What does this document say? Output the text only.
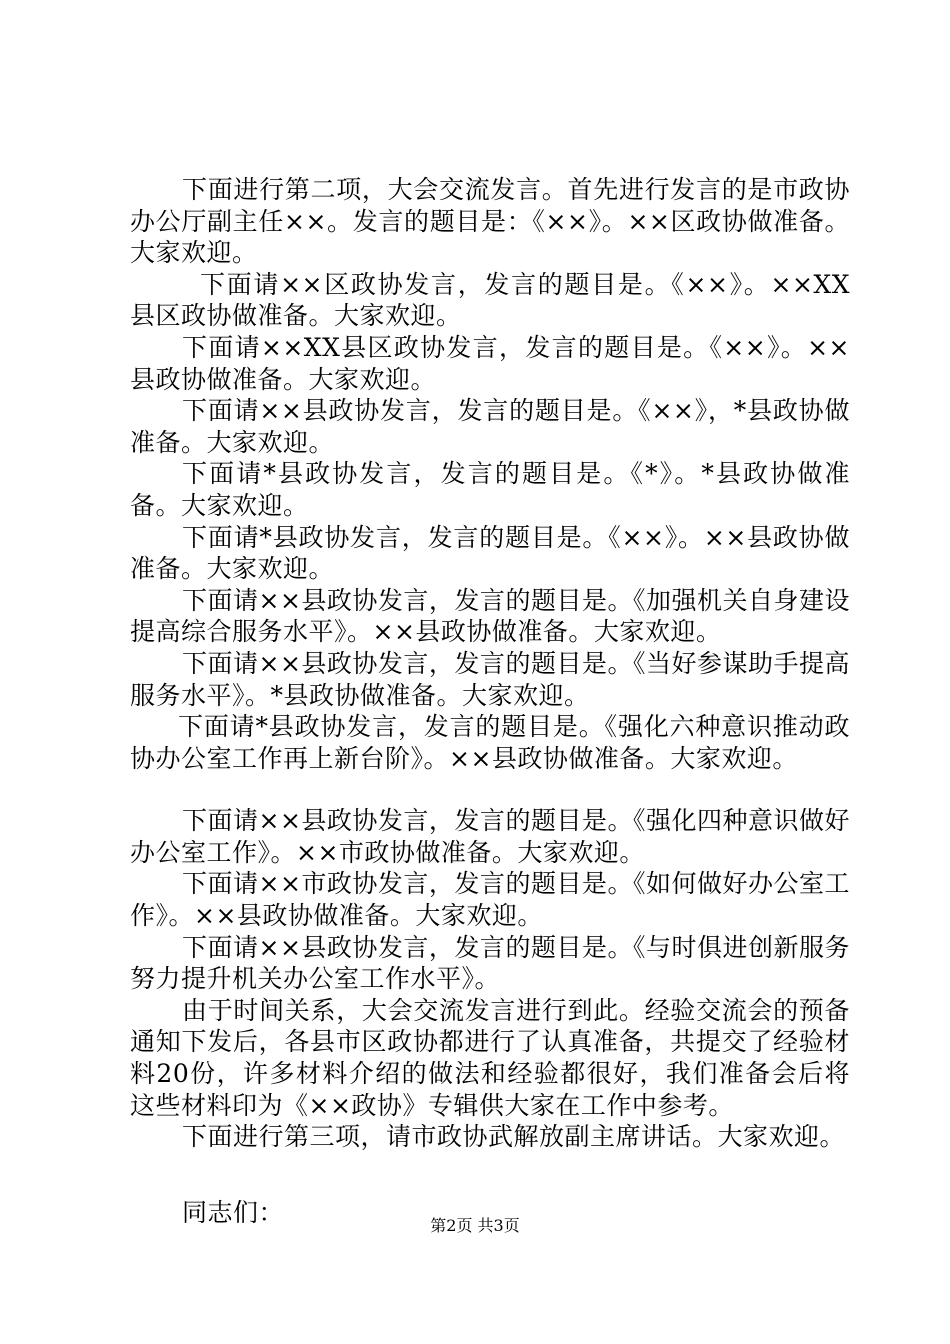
下面进行第二项，大会交流发言。首先进行发言的是市政协办公厅副主任××。发言的题目是：《××》。××区政协做准备。大家欢迎。

下面请××区政协发言，发言的题目是。《××》。××XX县区政协做准备。大家欢迎。

下面请××XX县区政协发言，发言的题目是。《××》。××县政协做准备。大家欢迎。

下面请××县政协发言，发言的题目是。《××》，*县政协做准备。大家欢迎。

下面请*县政协发言，发言的题目是。《*》。*县政协做准备。大家欢迎。

下面请*县政协发言，发言的题目是。《××》。××县政协做准备。大家欢迎。

下面请××县政协发言，发言的题目是。《加强机关自身建设提高综合服务水平》。××县政协做准备。大家欢迎。

下面请××县政协发言，发言的题目是。《当好参谋助手提高服务水平》。*县政协做准备。大家欢迎。

下面请*县政协发言，发言的题目是。《强化六种意识推动政协办公室工作再上新台阶》。××县政协做准备。大家欢迎。

下面请××县政协发言，发言的题目是。《强化四种意识做好办公室工作》。××市政协做准备。大家欢迎。

下面请××市政协发言，发言的题目是。《如何做好办公室工作》。××县政协做准备。大家欢迎。

下面请××县政协发言，发言的题目是。《与时俱进创新服务努力提升机关办公室工作水平》。

由于时间关系，大会交流发言进行到此。经验交流会的预备通知下发后，各县市区政协都进行了认真准备，共提交了经验材料20份，许多材料介绍的做法和经验都很好，我们准备会后将这些材料印为《××政协》专辑供大家在工作中参考。

下面进行第三项，请市政协武解放副主席讲话。大家欢迎。

同志们：	第2页 共3页
